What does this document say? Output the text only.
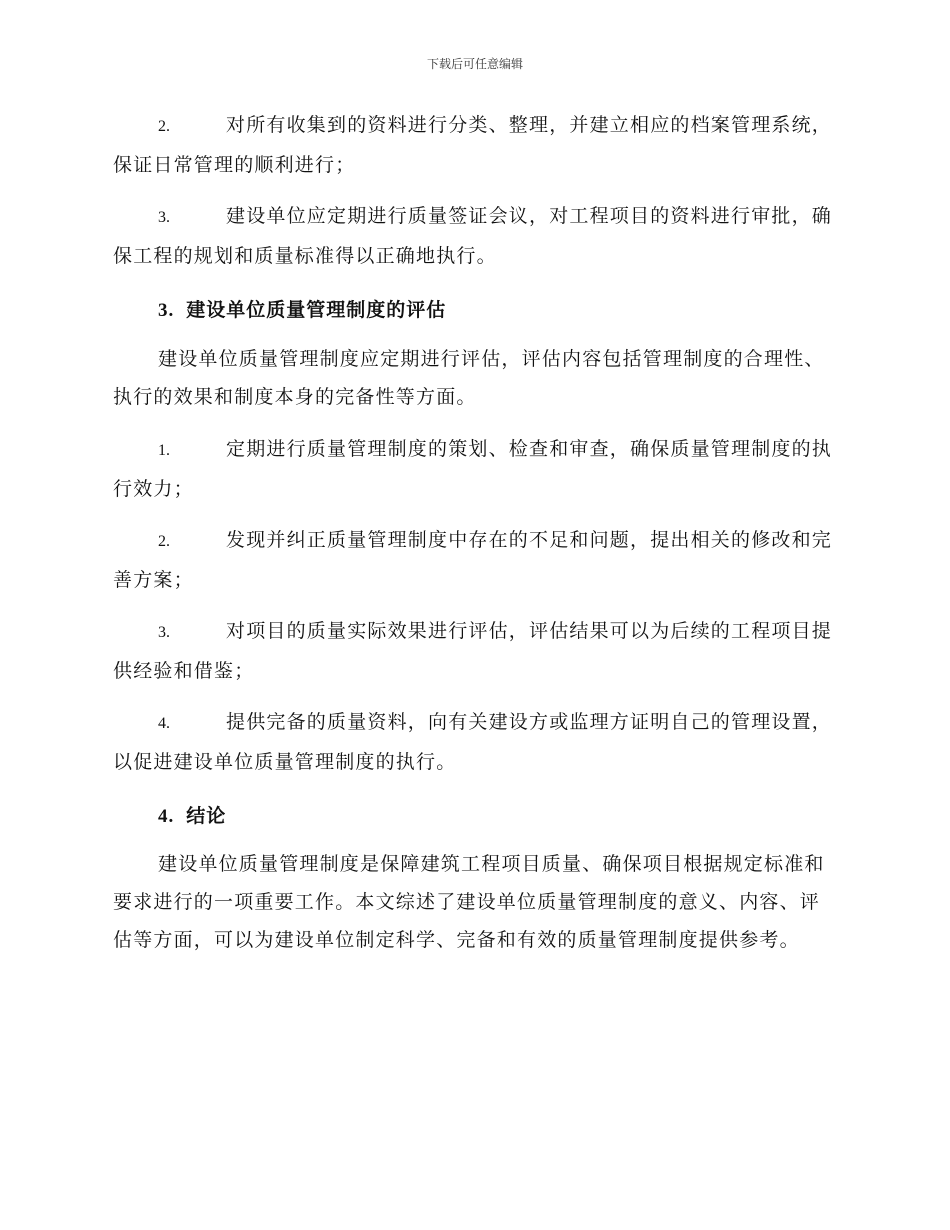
下载后可任意编辑
2.	对所有收集到的资料进行分类、整理，并建立相应的档案管理系统，保证日常管理的顺利进行；
3.	建设单位应定期进行质量签证会议，对工程项目的资料进行审批，确保工程的规划和质量标准得以正确地执行。
3. 建设单位质量管理制度的评估
建设单位质量管理制度应定期进行评估，评估内容包括管理制度的合理性、执行的效果和制度本身的完备性等方面。
1.	定期进行质量管理制度的策划、检查和审查，确保质量管理制度的执行效力；
2.	发现并纠正质量管理制度中存在的不足和问题，提出相关的修改和完善方案；
3.	对项目的质量实际效果进行评估，评估结果可以为后续的工程项目提供经验和借鉴；
4.	提供完备的质量资料，向有关建设方或监理方证明自己的管理设置，以促进建设单位质量管理制度的执行。
4. 结论
建设单位质量管理制度是保障建筑工程项目质量、确保项目根据规定标准和要求进行的一项重要工作。本文综述了建设单位质量管理制度的意义、内容、评估等方面，可以为建设单位制定科学、完备和有效的质量管理制度提供参考。
